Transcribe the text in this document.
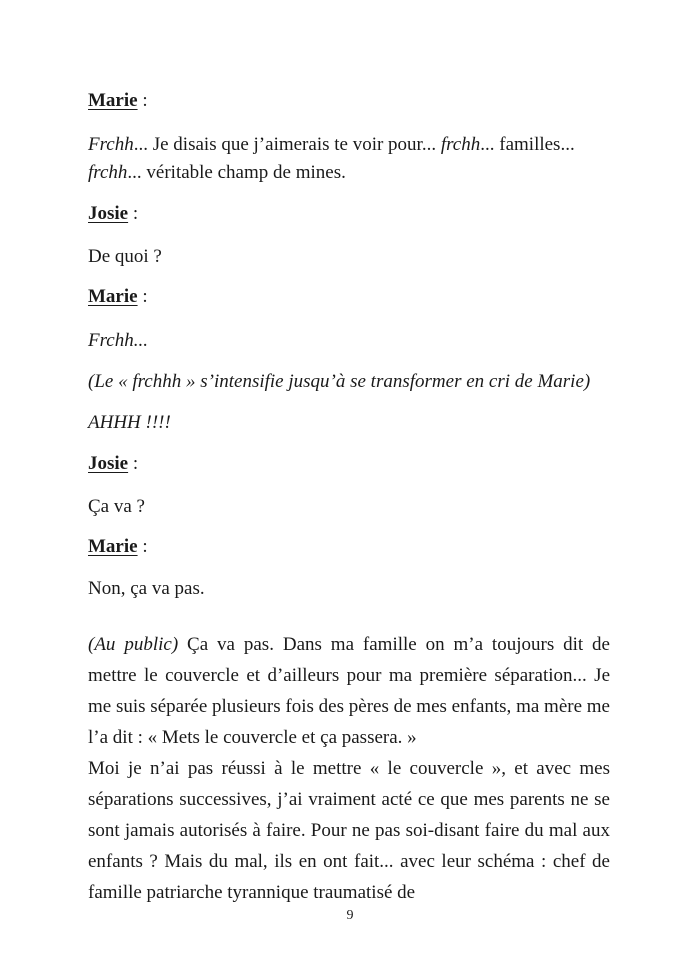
Marie :
Frchh... Je disais que j’aimerais te voir pour... frchh... familles...
frchh... véritable champ de mines.
Josie :
De quoi ?
Marie :
Frchh...
(Le « frchhh » s’intensifie jusqu’à se transformer en cri de Marie)
AHHH !!!!
Josie :
Ça va ?
Marie :
Non, ça va pas.

(Au public) Ça va pas. Dans ma famille on m’a toujours dit de mettre le couvercle et d’ailleurs pour ma première séparation... Je me suis séparée plusieurs fois des pères de mes enfants, ma mère me l’a dit : « Mets le couvercle et ça passera. »

Moi je n’ai pas réussi à le mettre « le couvercle », et avec mes séparations successives, j’ai vraiment acté ce que mes parents ne se sont jamais autorisés à faire. Pour ne pas soi-disant faire du mal aux enfants ? Mais du mal, ils en ont fait... avec leur schéma : chef de famille patriarche tyrannique traumatisé de

9
